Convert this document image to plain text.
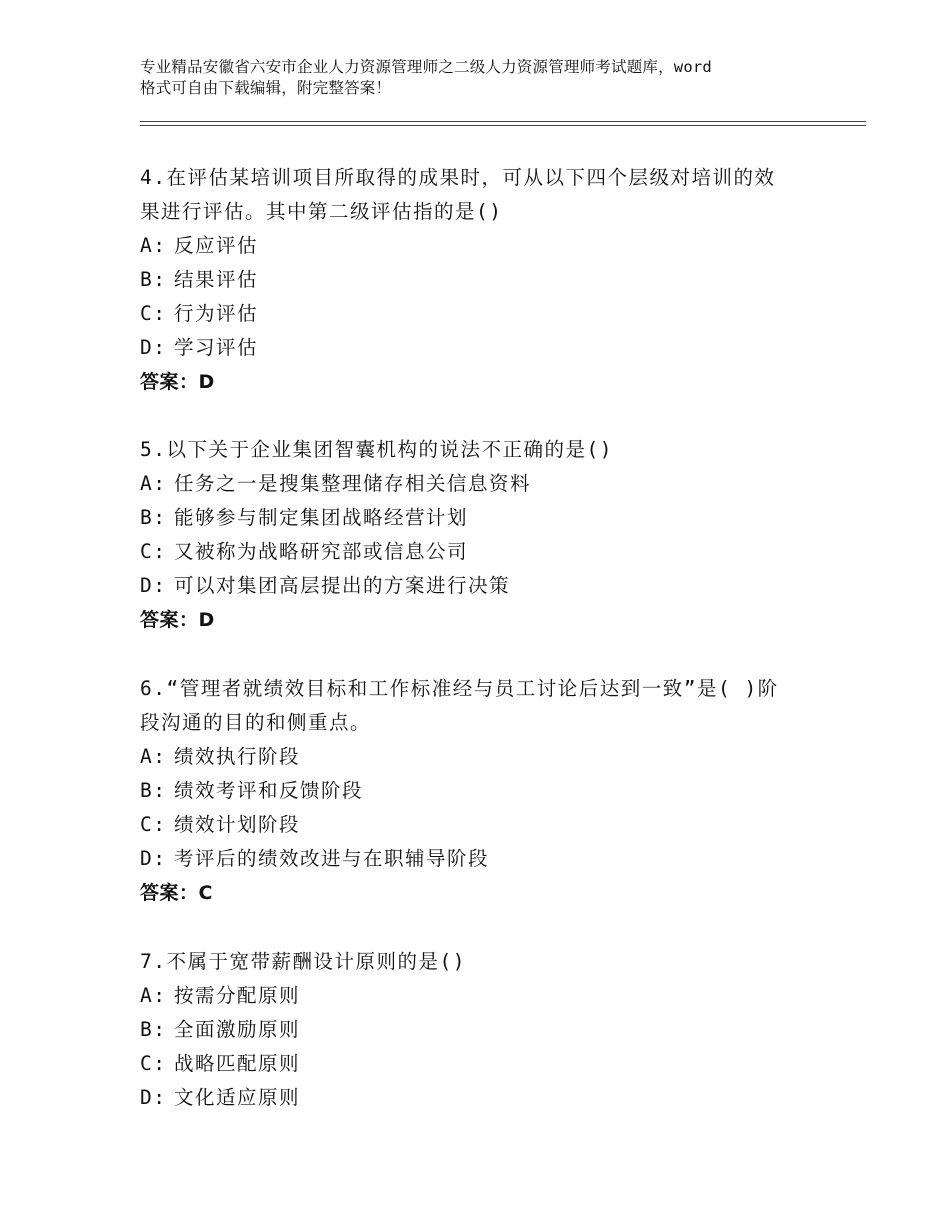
专业精品安徽省六安市企业人力资源管理师之二级人力资源管理师考试题库，word
格式可自由下载编辑，附完整答案！
4.在评估某培训项目所取得的成果时，可从以下四个层级对培训的效
果进行评估。其中第二级评估指的是()
A: 反应评估
B: 结果评估
C: 行为评估
D: 学习评估
答案：D
5.以下关于企业集团智囊机构的说法不正确的是()
A: 任务之一是搜集整理储存相关信息资料
B: 能够参与制定集团战略经营计划
C: 又被称为战略研究部或信息公司
D: 可以对集团高层提出的方案进行决策
答案：D
6.“管理者就绩效目标和工作标准经与员工讨论后达到一致”是( )阶
段沟通的目的和侧重点。
A: 绩效执行阶段
B: 绩效考评和反馈阶段
C: 绩效计划阶段
D: 考评后的绩效改进与在职辅导阶段
答案：C
7.不属于宽带薪酬设计原则的是()
A: 按需分配原则
B: 全面激励原则
C: 战略匹配原则
D: 文化适应原则
